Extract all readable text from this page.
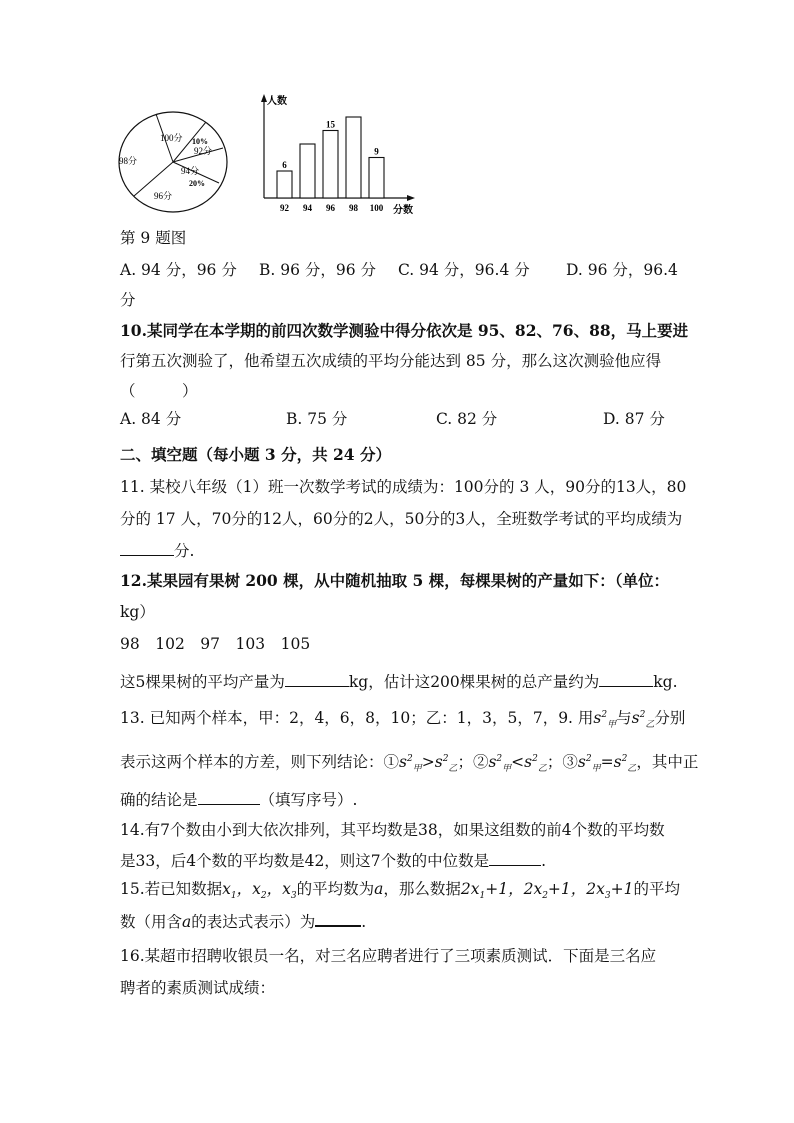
100分 10%
92分
94分
20%
96分
98分
人数
分数
92
6
94 96
15
98 100
9
第 9 题图
A. 94 分，96 分 B. 96 分，96 分 C. 94 分，96.4 分 D. 96 分，96.4
分
10.某同学在本学期的前四次数学测验中得分依次是 95、82、76、88，马上要进
行第五次测验了，他希望五次成绩的平均分能达到 85 分，那么这次测验他应得
（　　　）
A. 84 分	B. 75 分	C. 82 分	D. 87 分
二、填空题（每小题 3 分，共 24 分）
11. 某校八年级（1）班一次数学考试的成绩为：100分的 3 人，90分的13人，80
分的 17 人，70分的12人，60分的2人，50分的3人，全班数学考试的平均成绩为
分.
12.某果园有果树 200 棵，从中随机抽取 5 棵，每棵果树的产量如下：（单位：
kg）
98　102　97　103　105
这5棵果树的平均产量为	kg，估计这200棵果树的总产量约为	kg.
13. 已知两个样本，甲：2，4，6，8，10；乙：1，3，5，7，9. 用$s^2_甲$与$s^2_乙$分别
表示这两个样本的方差，则下列结论：$①s^2_甲>s^2_乙$；$②s^2_甲<s^2_乙$；$③s^2_甲=s^2_乙$，其中正
确的结论是	（填写序号）.
14.有7个数由小到大依次排列，其平均数是38，如果这组数的前4个数的平均数
是33，后4个数的平均数是42，则这7个数的中位数是	.
15.若已知数据$x_1$，$x_2$，$x_3$的平均数为a，那么数据$2x_1+1$，$2x_2+1$，$2x_3+1$的平均
数（用含a的表达式表示）为	.
16.某超市招聘收银员一名，对三名应聘者进行了三项素质测试．下面是三名应
聘者的素质测试成绩：
